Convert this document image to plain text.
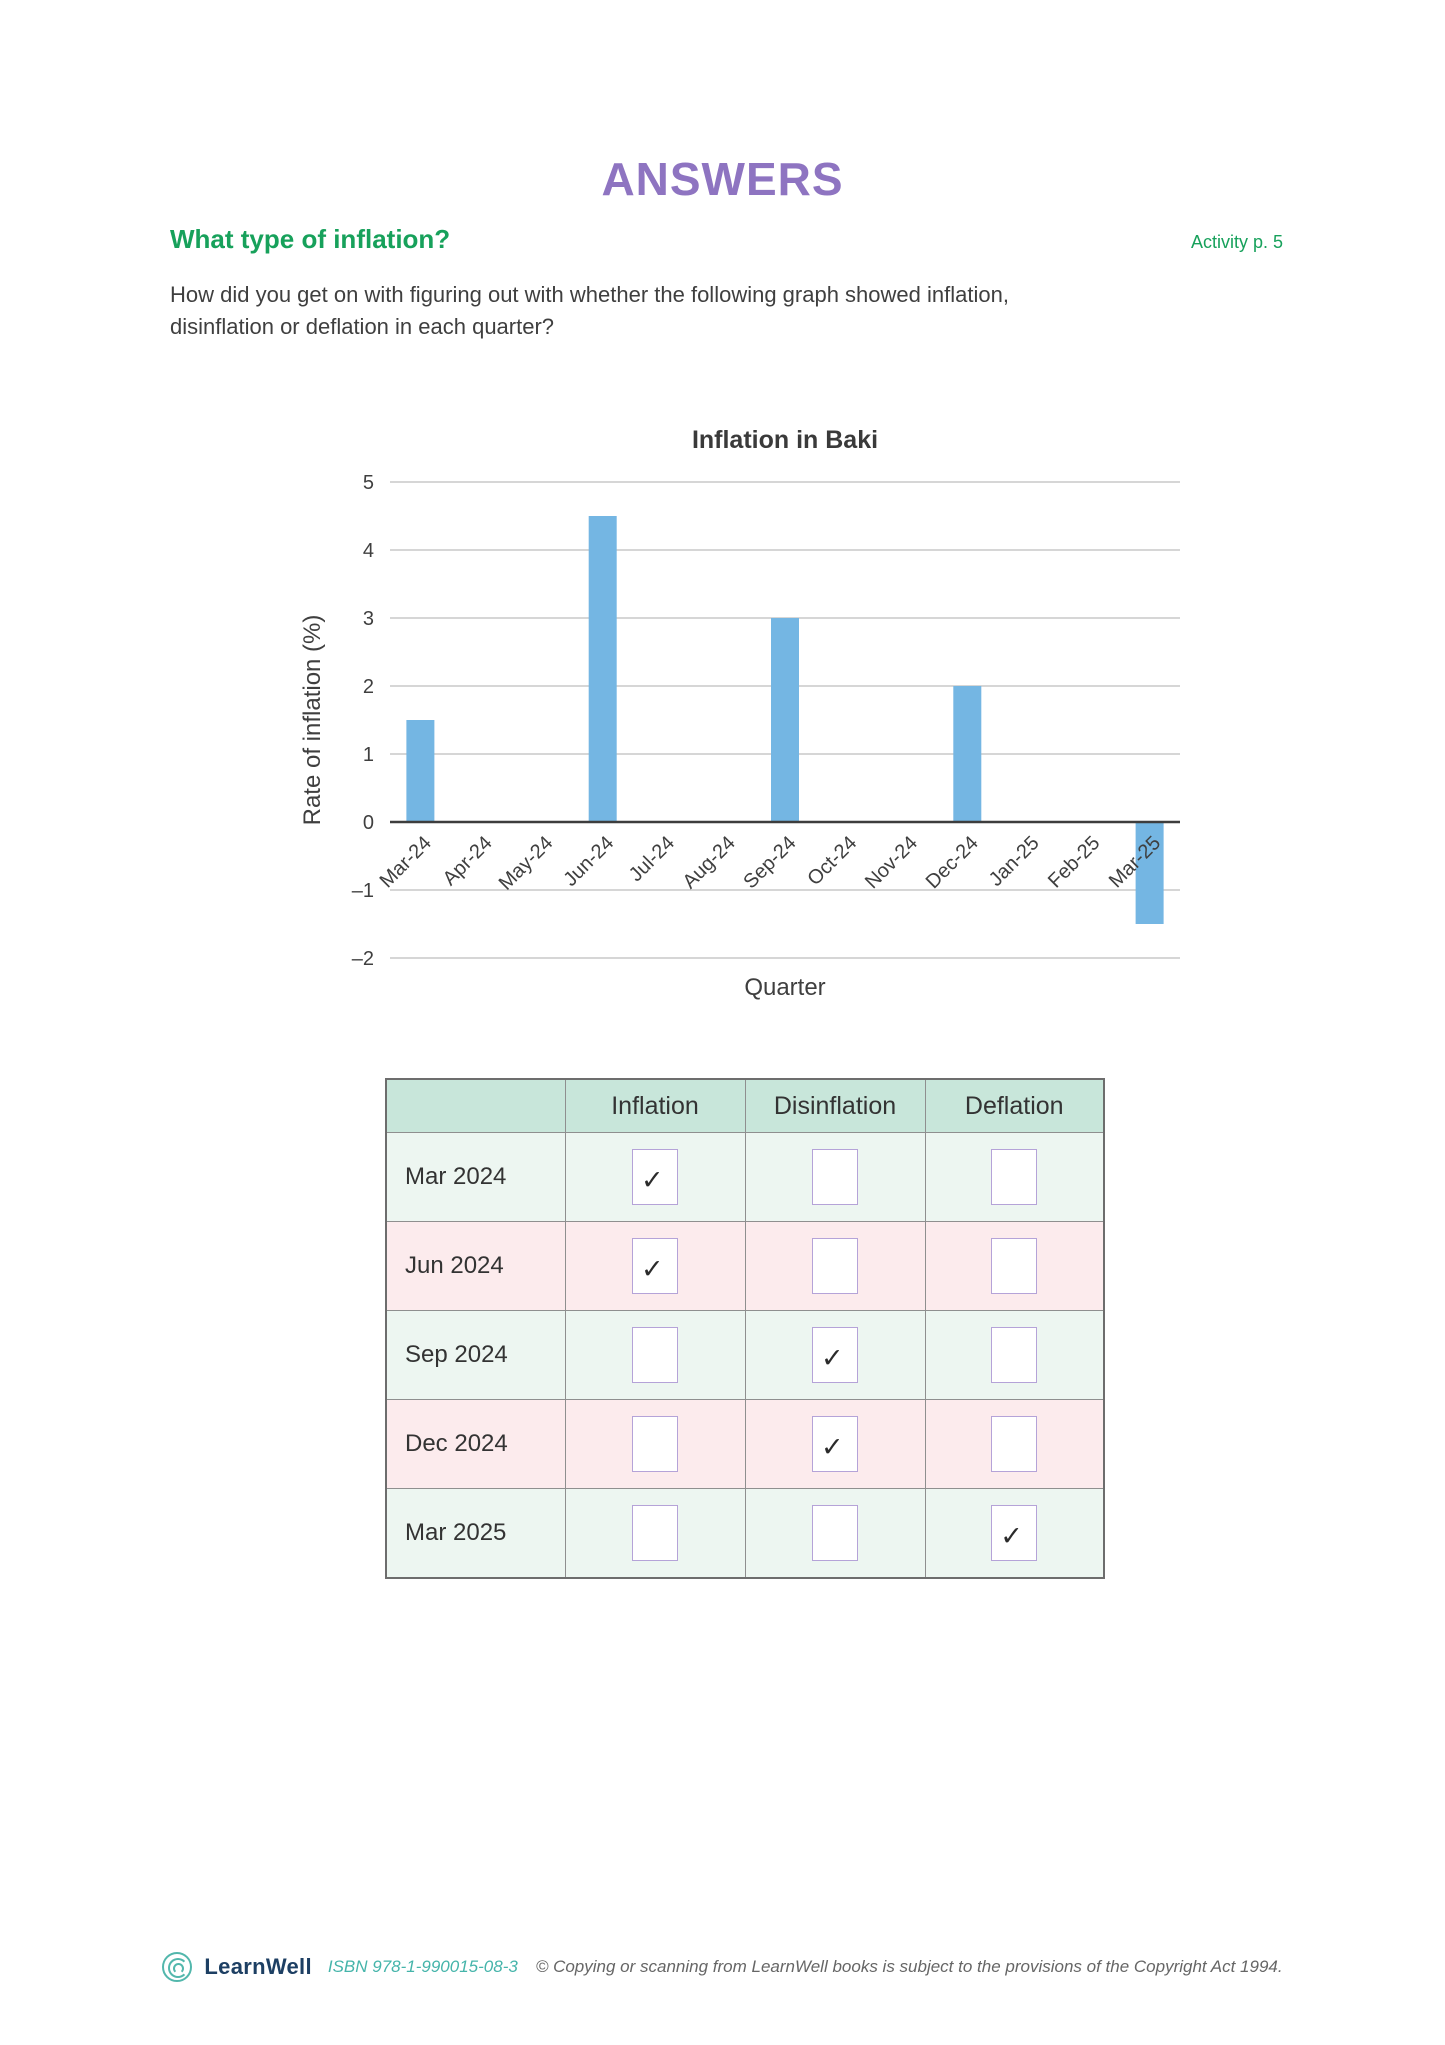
ANSWERS
What type of inflation?	Activity p. 5

How did you get on with figuring out with whether the following graph showed inflation,
disinflation or deflation in each quarter?

5
4
3
2
1
0
–1
–2
Mar-24 Apr-24
May-24 Jun-24 Jul-24 Aug-24 Sep-24 Oct-24 Nov-24 Dec-24 Jan-25 Feb-25 Mar-25
Inflation in Baki
Rate of inflation (%)
Quarter
	Inflation	Disinflation	Deflation
Mar 2024	✓		

Jun 2024	✓		

Sep 2024		✓	

Dec 2024		✓	

Mar 2025			✓
LearnWell ISBN 978-1-990015-08-3 © Copying or scanning from LearnWell books is subject to the provisions of the Copyright Act 1994.
